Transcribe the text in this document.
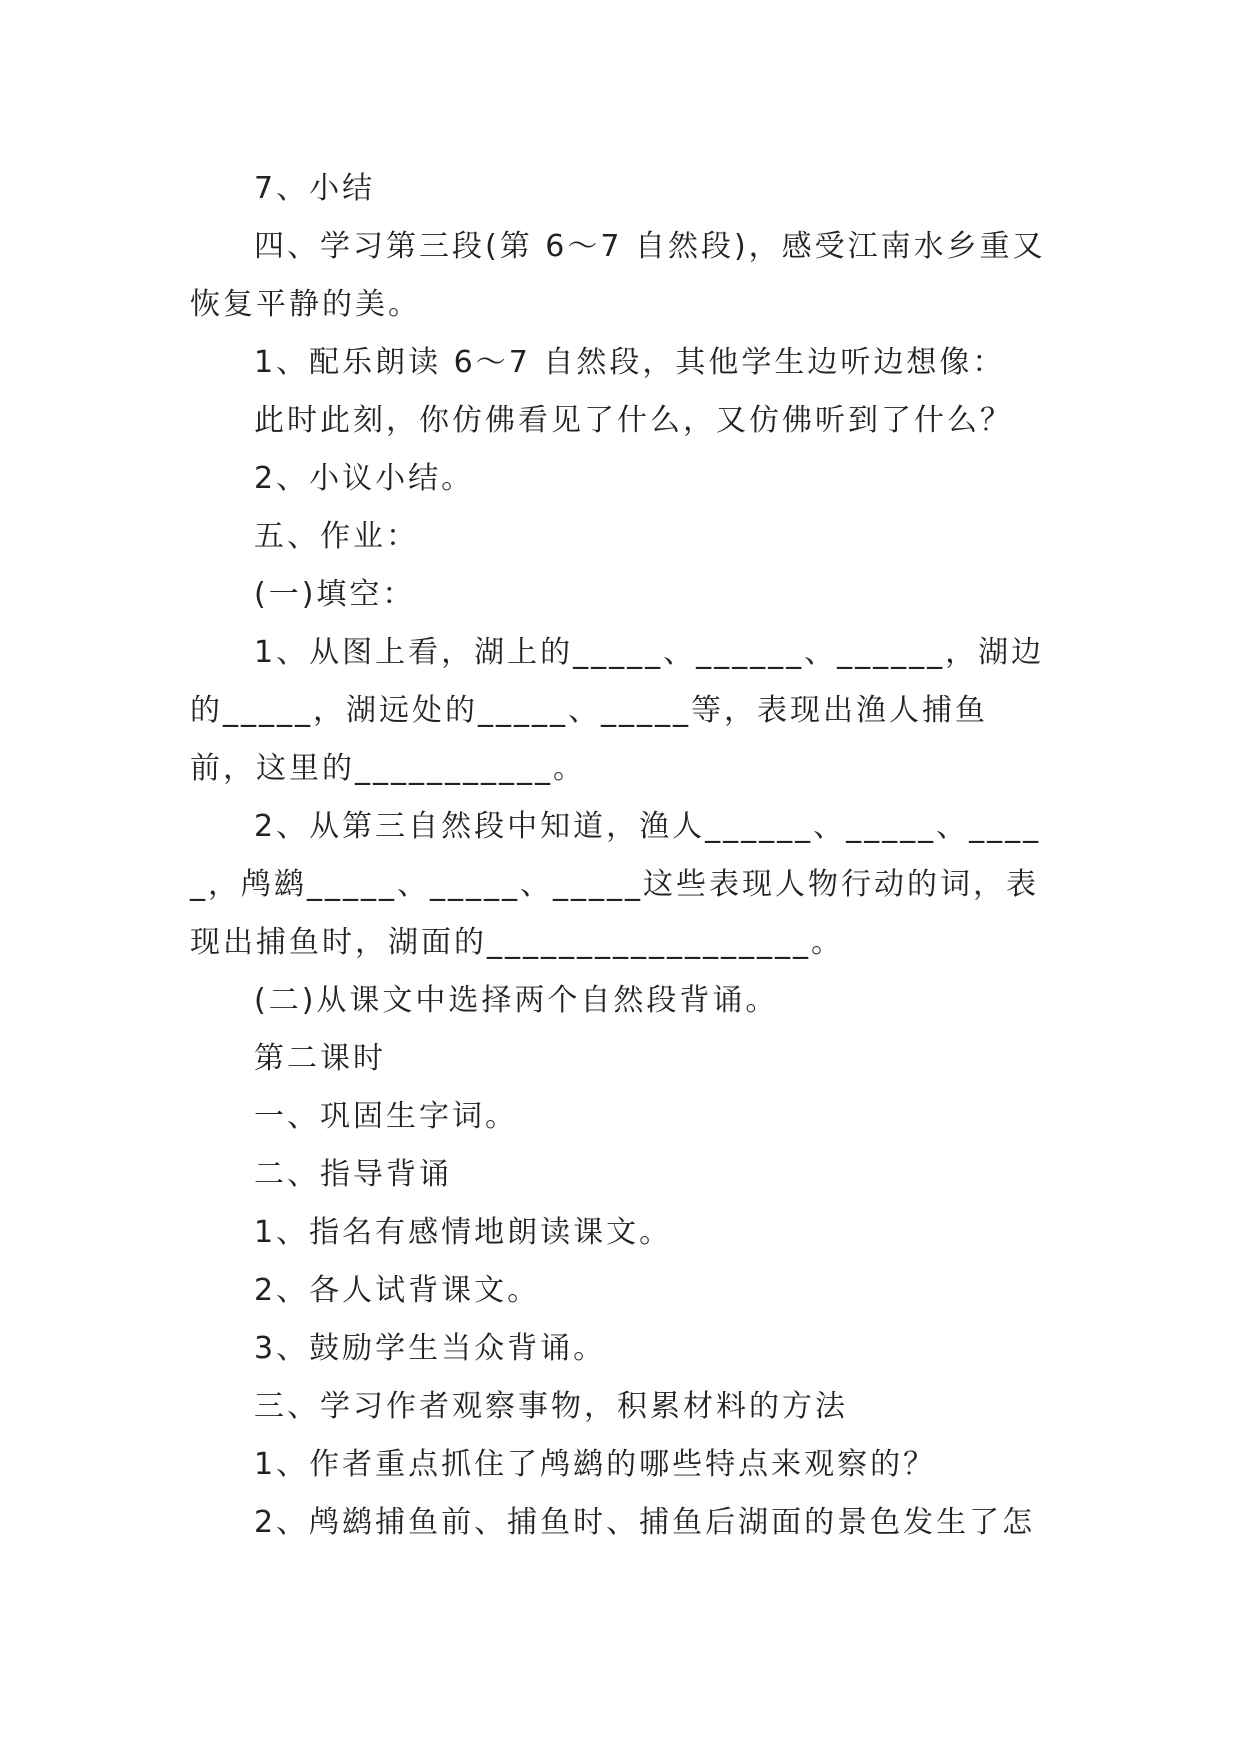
7、小结

四、学习第三段(第 6～7 自然段)，感受江南水乡重又恢复平静的美。

1、配乐朗读 6～7 自然段，其他学生边听边想像：

此时此刻，你仿佛看见了什么，又仿佛听到了什么？

2、小议小结。

五、作业：

(一)填空：

1、从图上看，湖上的_____、______、______，湖边的_____，湖远处的_____、_____等，表现出渔人捕鱼前，这里的___________。

2、从第三自然段中知道，渔人______、_____、_____，鸬鹚_____、_____、_____这些表现人物行动的词，表现出捕鱼时，湖面的__________________。

(二)从课文中选择两个自然段背诵。

第二课时

一、巩固生字词。

二、指导背诵

1、指名有感情地朗读课文。

2、各人试背课文。

3、鼓励学生当众背诵。

三、学习作者观察事物，积累材料的方法

1、作者重点抓住了鸬鹚的哪些特点来观察的？

2、鸬鹚捕鱼前、捕鱼时、捕鱼后湖面的景色发生了怎
